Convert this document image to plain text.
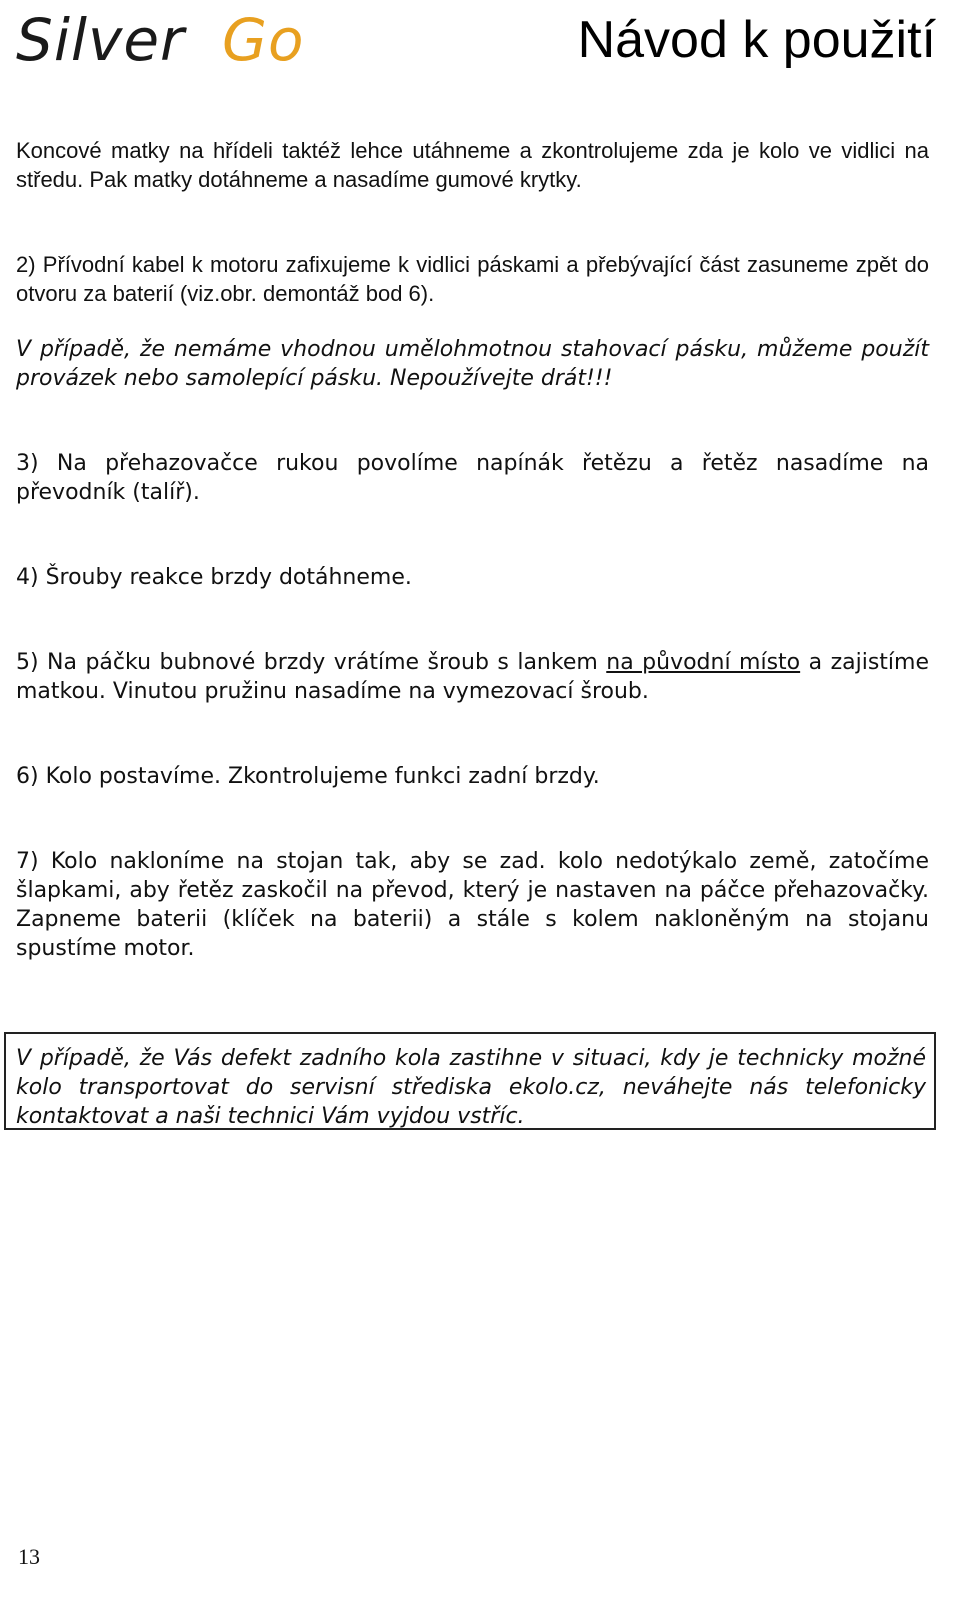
Silver Go	Návod k použití

Koncové matky na hřídeli taktéž lehce utáhneme a zkontrolujeme zda je kolo ve vidlici na středu. Pak matky dotáhneme a nasadíme gumové krytky.

2) Přívodní kabel k motoru zafixujeme k vidlici páskami a přebývající část zasuneme zpět do otvoru za baterií (viz.obr. demontáž bod 6).

V případě, že nemáme vhodnou umělohmotnou stahovací pásku, můžeme použít provázek nebo samolepící pásku. Nepoužívejte drát!!!

3) Na přehazovačce rukou povolíme napínák řetězu a řetěz nasadíme na převodník (talíř).

4) Šrouby reakce brzdy dotáhneme.

5) Na páčku bubnové brzdy vrátíme šroub s lankem na původní místo a zajistíme matkou. Vinutou pružinu nasadíme na vymezovací šroub.

6) Kolo postavíme. Zkontrolujeme funkci zadní brzdy.

7) Kolo nakloníme na stojan tak, aby se zad. kolo nedotýkalo země, zatočíme šlapkami, aby řetěz zaskočil na převod, který je nastaven na páčce přehazovačky. Zapneme baterii (klíček na baterii) a stále s kolem nakloněným na stojanu spustíme motor.

V případě, že Vás defekt zadního kola zastihne v situaci, kdy je technicky možné kolo transportovat do servisní střediska ekolo.cz, neváhejte nás telefonicky kontaktovat a naši technici Vám vyjdou vstříc.

13
